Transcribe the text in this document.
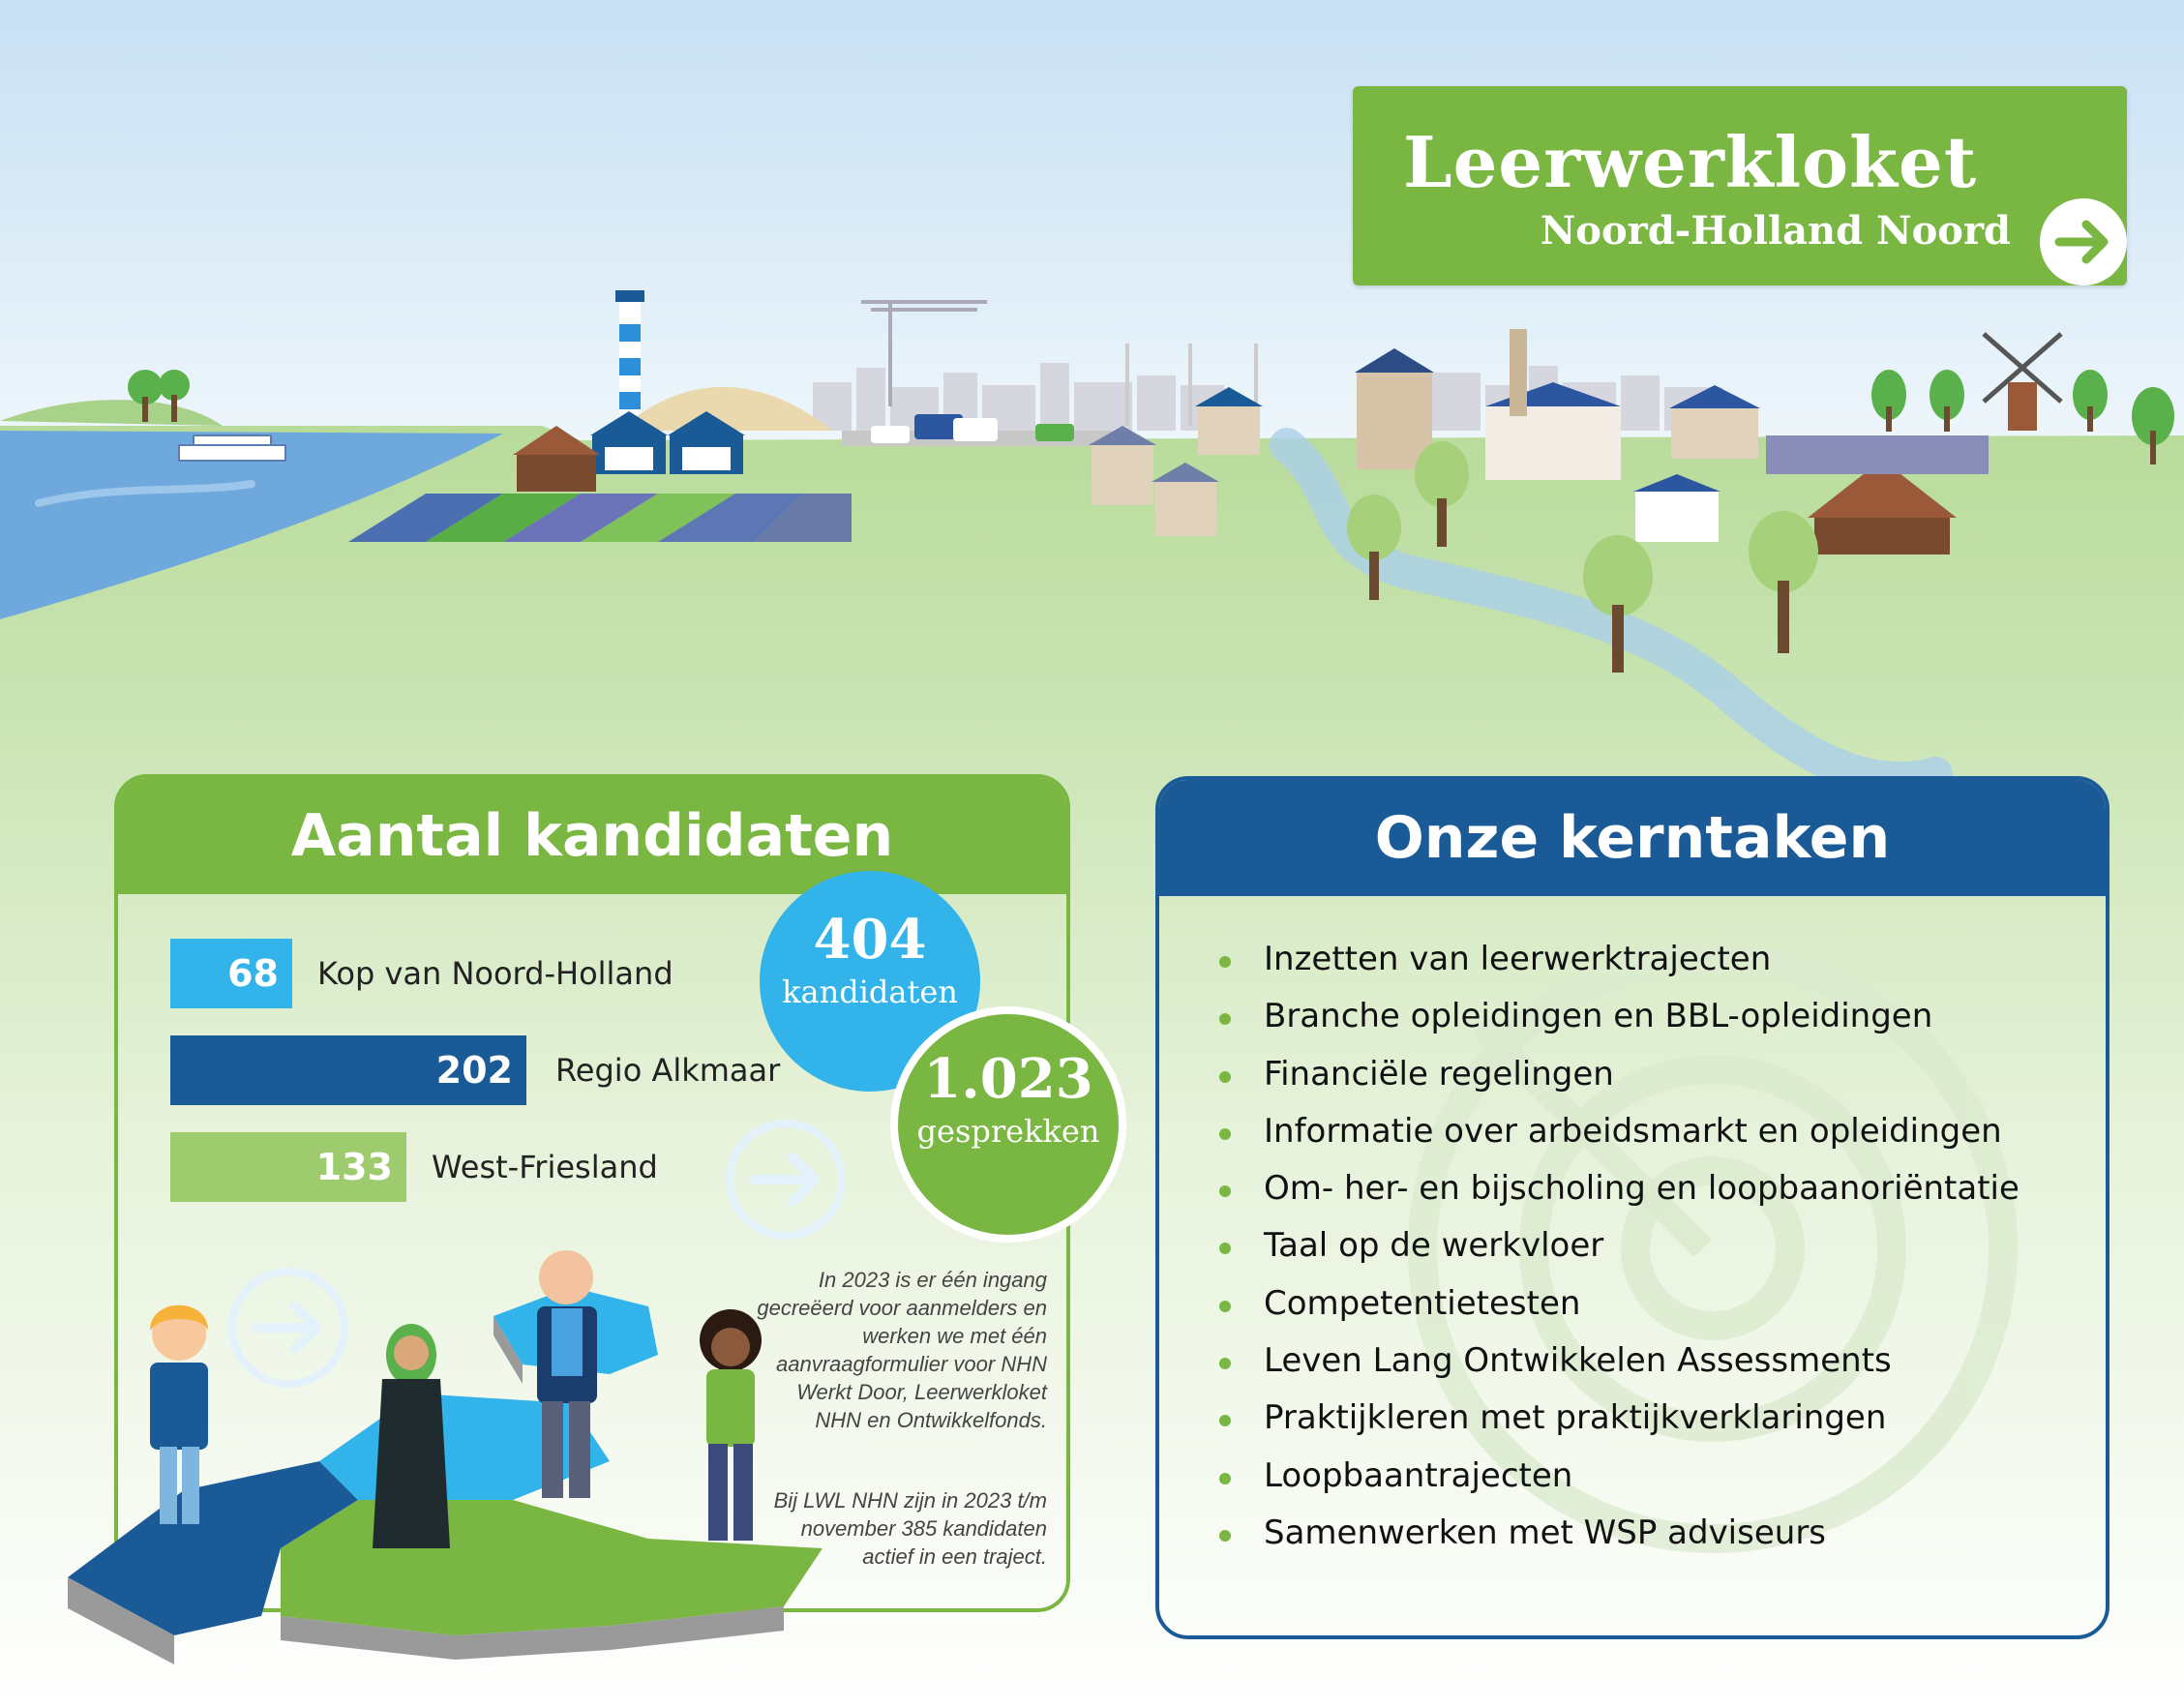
Leerwerkloket
Noord-Holland Noord
Aantal kandidaten
68	Kop van Noord-Holland
202	Regio Alkmaar
133	West-Friesland
In 2023 is er één ingang gecreëerd voor aanmelders en werken we met één aanvraagformulier voor NHN Werkt Door, Leerwerkloket NHN en Ontwikkelfonds.
Bij LWL NHN zijn in 2023 t/m november 385 kandidaten actief in een traject.
404
kandidaten
1.023
gesprekken
Onze kerntaken
Inzetten van leerwerktrajecten
Branche opleidingen en BBL-opleidingen
Financiële regelingen
Informatie over arbeidsmarkt en opleidingen
Om- her- en bijscholing en loopbaanoriëntatie
Taal op de werkvloer
Competentietesten
Leven Lang Ontwikkelen Assessments
Praktijkleren met praktijkverklaringen
Loopbaantrajecten
Samenwerken met WSP adviseurs
